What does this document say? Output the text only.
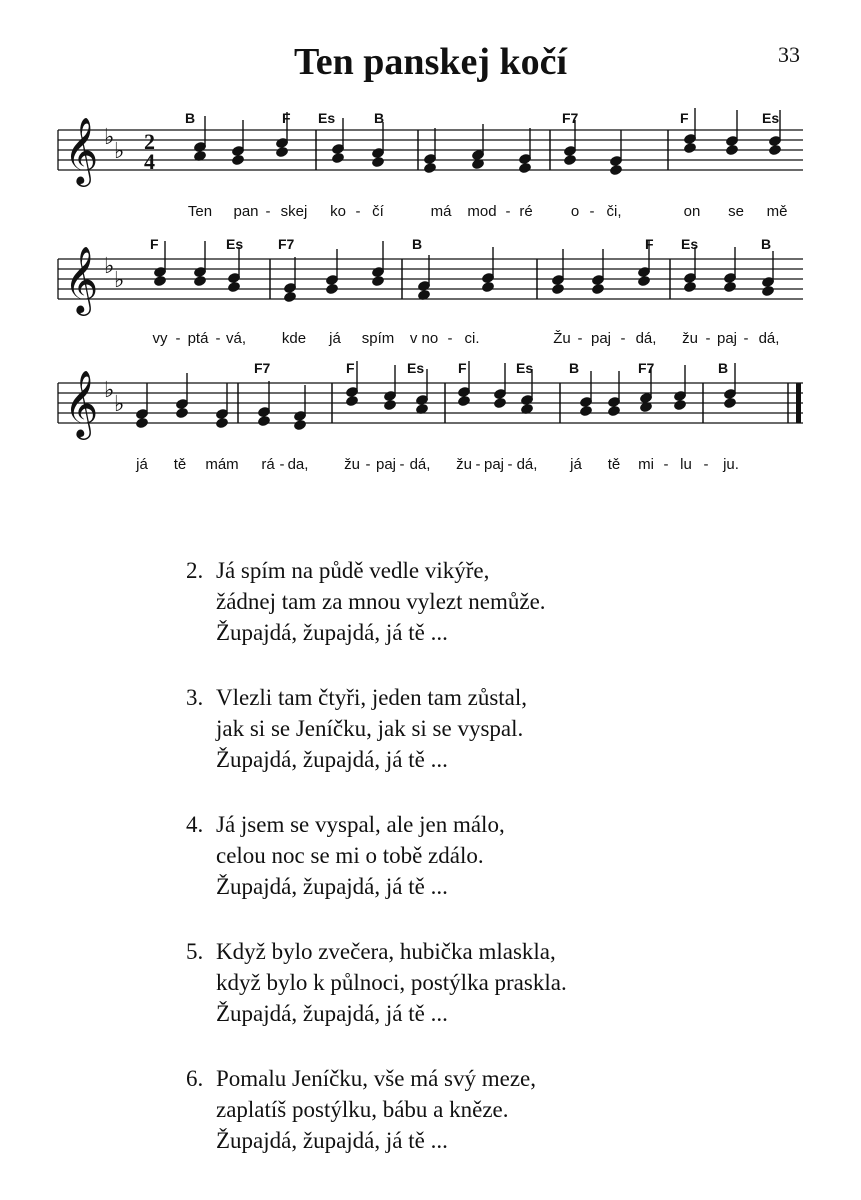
Ten panskej kočí	33
𝄞 ♭
♭ 2
4
B	F Es	B	F7	F	Es
Ten pan - skej ko - čí	má mod - ré	o - či,	on se mě
𝄞 ♭
♭
F	Es F7	B	F Es	B
vy - ptá - vá, kde já spím v no - ci.	Žu - paj - dá, žu - paj - dá,
𝄞 ♭
♭
F7	F	Es F	Es	B	F7	B
já tě mám rá - da, žu - paj - dá, žu - paj - dá, já tě mi - lu - ju.
2. Já spím na půdě vedle vikýře,
žádnej tam za mnou vylezt nemůže.
Župajdá, župajdá, já tě ...
3. Vlezli tam čtyři, jeden tam zůstal,
jak si se Jeníčku, jak si se vyspal.
Župajdá, župajdá, já tě ...
4. Já jsem se vyspal, ale jen málo,
celou noc se mi o tobě zdálo.
Župajdá, župajdá, já tě ...
5. Když bylo zvečera, hubička mlaskla,
když bylo k půlnoci, postýlka praskla.
Župajdá, župajdá, já tě ...
6. Pomalu Jeníčku, vše má svý meze,
zaplatíš postýlku, bábu a kněze.
Župajdá, župajdá, já tě ...
